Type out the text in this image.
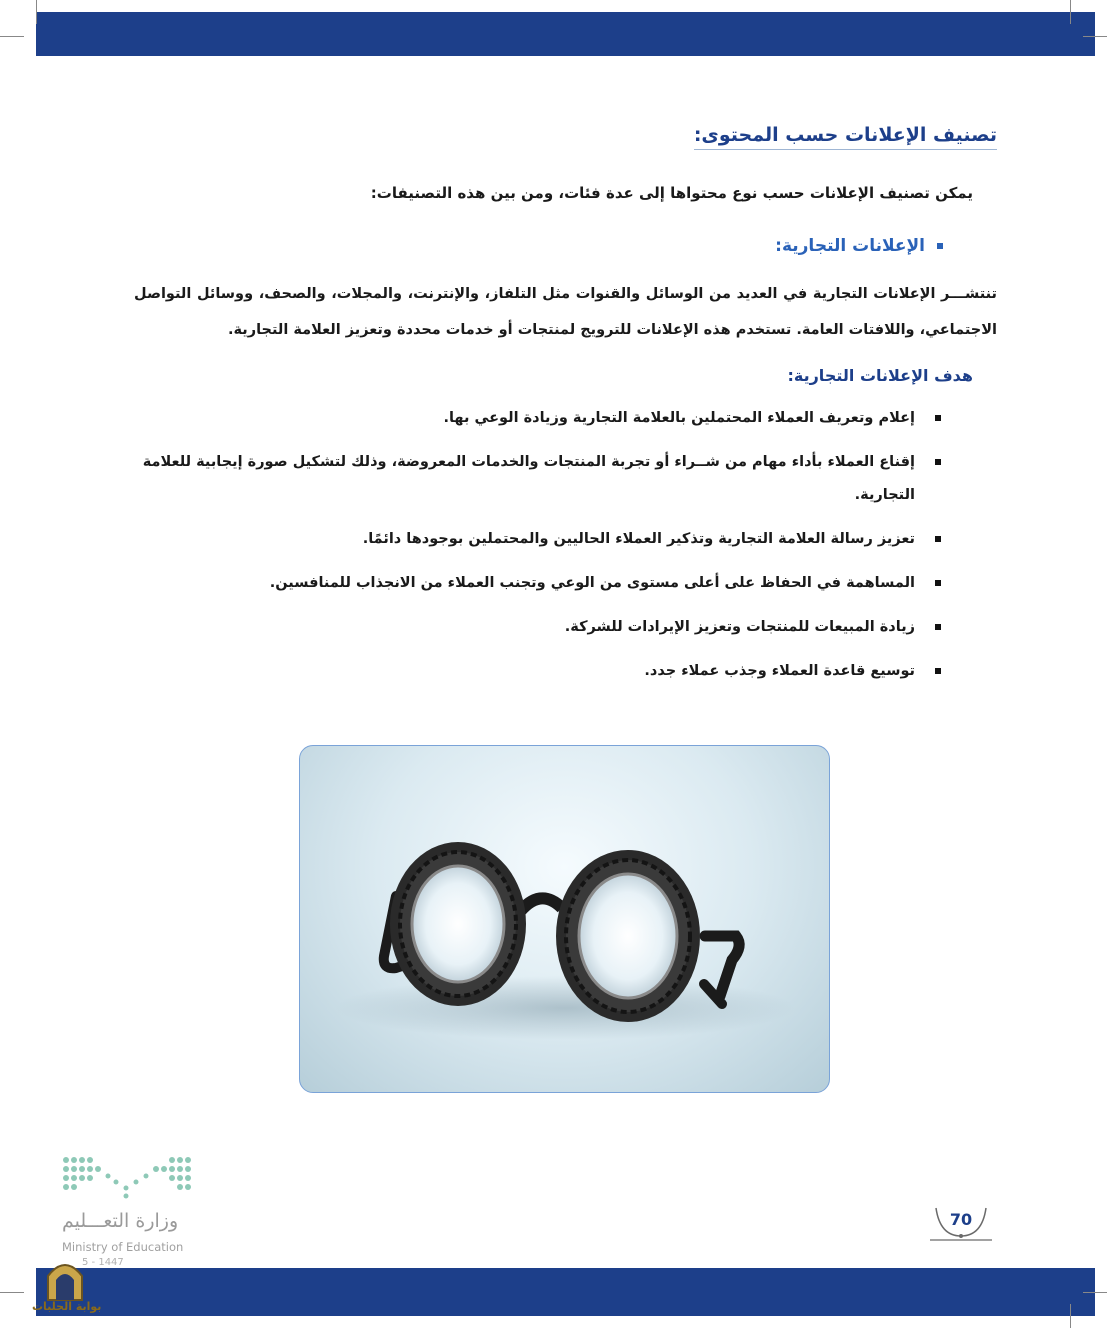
تصنيف الإعلانات حسب المحتوى:
يمكن تصنيف الإعلانات حسب نوع محتواها إلى عدة فئات، ومن بين هذه التصنيفات:
الإعلانات التجارية:
تنتشـــر الإعلانات التجارية في العديد من الوسائل والقنوات مثل التلفاز، والإنترنت، والمجلات، والصحف، ووسائل التواصل الاجتماعي، واللافتات العامة. تستخدم هذه الإعلانات للترويج لمنتجات أو خدمات محددة وتعزيز العلامة التجارية.
هدف الإعلانات التجارية:
إعلام وتعريف العملاء المحتملين بالعلامة التجارية وزيادة الوعي بها.
إقناع العملاء بأداء مهام من شــراء أو تجربة المنتجات والخدمات المعروضة، وذلك لتشكيل صورة إيجابية للعلامة التجارية.
تعزيز رسالة العلامة التجارية وتذكير العملاء الحاليين والمحتملين بوجودها دائمًا.
المساهمة في الحفاظ على أعلى مستوى من الوعي وتجنب العملاء من الانجذاب للمنافسين.
زيادة المبيعات للمنتجات وتعزيز الإيرادات للشركة.
توسيع قاعدة العملاء وجذب عملاء جدد.
وزارة التعـــليم
Ministry of Education
5 - 1447
بوابة الحلبات
70
